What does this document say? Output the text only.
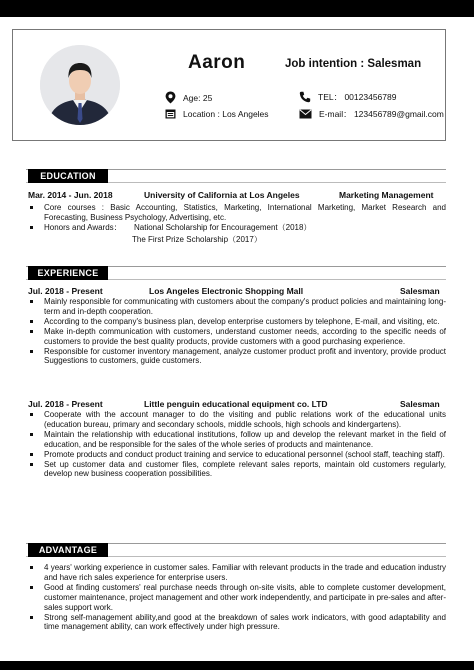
Aaron	Job intention : Salesman
Age: 25
Location : Los Angeles
TEL： 00123456789
E-mail： 123456789@gmail.com
EDUCATION
Mar. 2014 - Jun. 2018	University of California at Los Angeles	Marketing Management
Core courses : Basic Accounting, Statistics, Marketing, International Marketing, Market Research and Forecasting, Business Psychology, Advertising, etc.
Honors and Awards：	National Scholarship for Encouragement（2018）
The First Prize Scholarship（2017）
EXPERIENCE
Jul. 2018 - Present	Los Angeles Electronic Shopping Mall	Salesman
Mainly responsible for communicating with customers about the company's product policies and maintaining long-term and in-depth cooperation.
According to the company's business plan, develop enterprise customers by telephone, E-mail, and visiting, etc.
Make in-depth communication with customers, understand customer needs, according to the specific needs of customers to provide the best quality products, provide customers with a good purchasing experience.
Responsible for customer inventory management, analyze customer product profit and inventory, provide product Suggestions to customers, guide customers.
Jul. 2018 - Present	Little penguin educational equipment co. LTD	Salesman
Cooperate with the account manager to do the visiting and public relations work of the educational units (education bureau, primary and secondary schools, middle schools, high schools and kindergartens).
Maintain the relationship with educational institutions, follow up and develop the relevant market in the field of education, and be responsible for the sales of the whole series of products and maintenance.
Promote products and conduct product training and service to educational personnel (school staff, teaching staff).
Set up customer data and customer files, complete relevant sales reports, maintain old customers regularly, develop new business cooperation possibilities.
ADVANTAGE
4 years' working experience in customer sales. Familiar with relevant products in the trade and education industry and have rich sales experience for enterprise users.
Good at finding customers' real purchase needs through on-site visits, able to complete customer development, customer maintenance, project management and other work independently, and participate in pre-sales and after-sales support work.
Strong self-management ability,and good at the breakdown of sales work indicators, with good adaptability and time management ability, can work effectively under high pressure.
